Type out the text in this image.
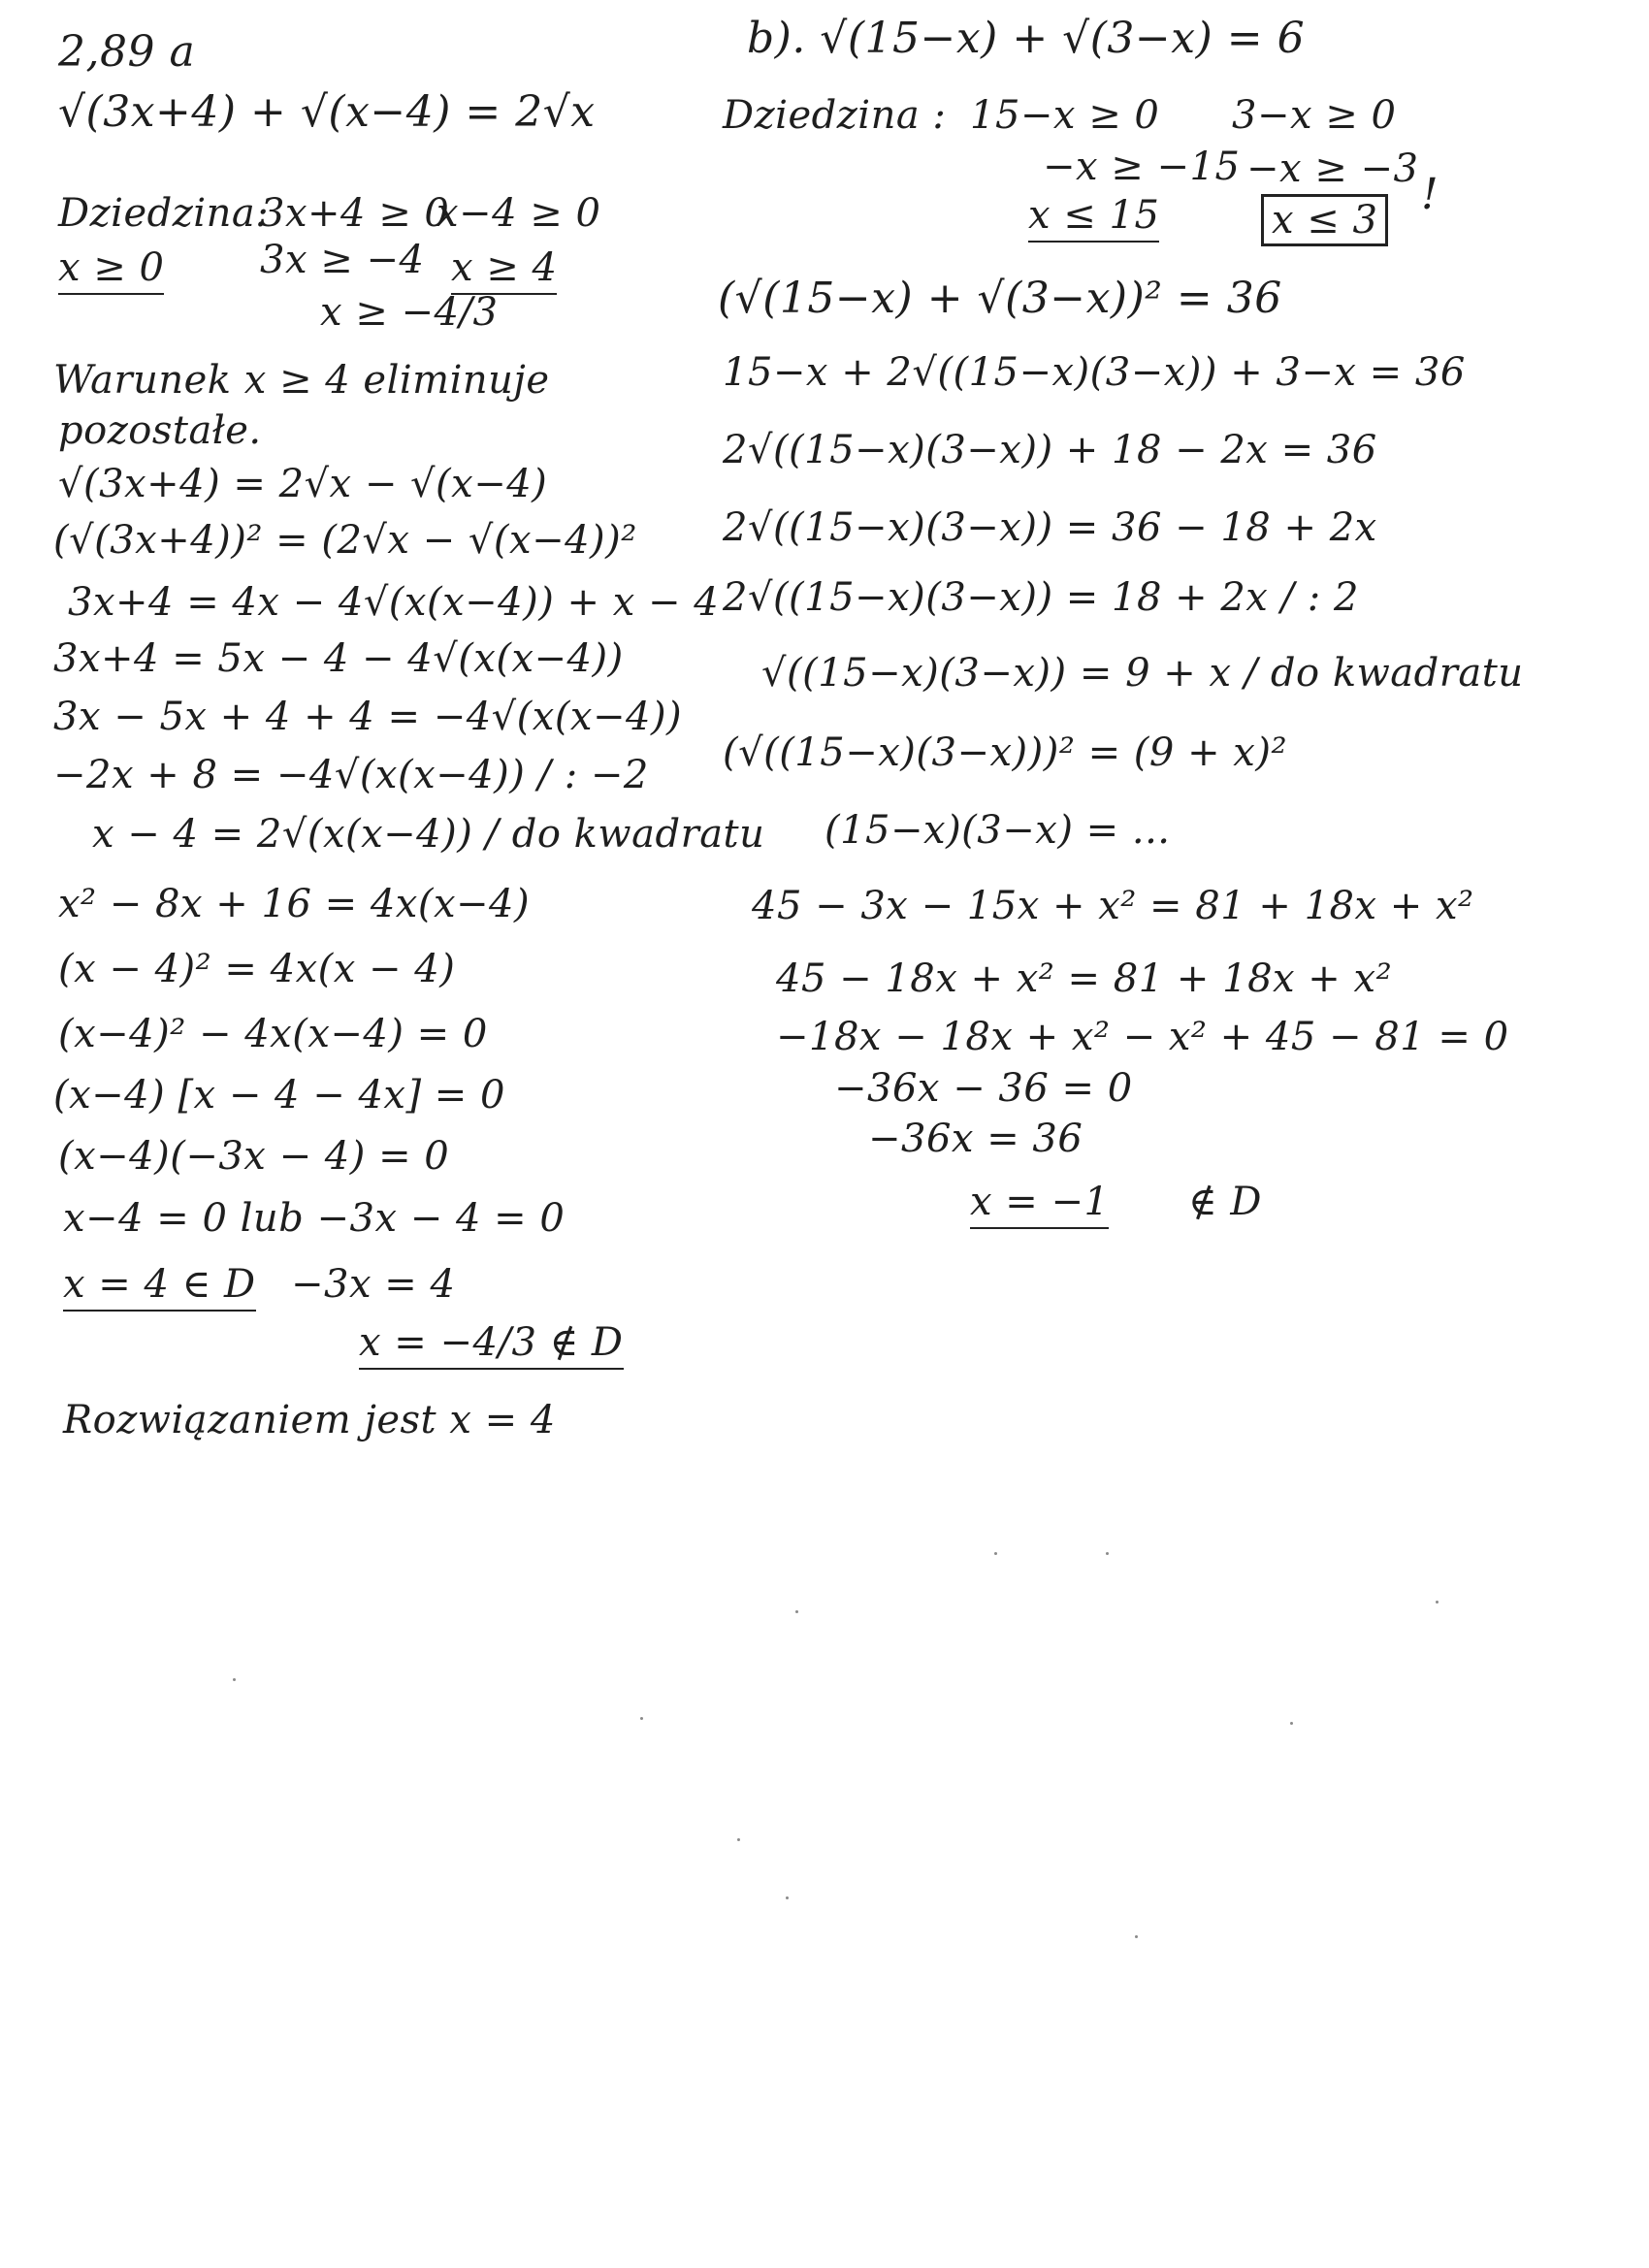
2,89 a
√(3x+4) + √(x−4) = 2√x
Dziedzina:
3x+4 ≥ 0
x−4 ≥ 0
x ≥ 0 3x ≥ −4 x ≥ 4
x ≥ −4/3
Warunek x ≥ 4 eliminuje
pozostałe.
√(3x+4) = 2√x − √(x−4)
(√(3x+4))² = (2√x − √(x−4))²
3x+4 = 4x − 4√(x(x−4)) + x − 4
3x+4 = 5x − 4 − 4√(x(x−4))
3x − 5x + 4 + 4 = −4√(x(x−4))
−2x + 8 = −4√(x(x−4)) / : −2
x − 4 = 2√(x(x−4)) / do kwadratu
x² − 8x + 16 = 4x(x−4)
(x − 4)² = 4x(x − 4)
(x−4)² − 4x(x−4) = 0
(x−4) [x − 4 − 4x] = 0
(x−4)(−3x − 4) = 0
x−4 = 0 lub −3x − 4 = 0
x = 4 ∈ D −3x = 4
x = −4/3 ∉ D
Rozwiązaniem jest x = 4
b). √(15−x) + √(3−x) = 6
Dziedzina : 15−x ≥ 0 3−x ≥ 0
−x ≥ −15 −x ≥ −3
x ≤ 15	x ≤ 3
!
(√(15−x) + √(3−x))² = 36
15−x + 2√((15−x)(3−x)) + 3−x = 36
2√((15−x)(3−x)) + 18 − 2x = 36
2√((15−x)(3−x)) = 36 − 18 + 2x
2√((15−x)(3−x)) = 18 + 2x / : 2
√((15−x)(3−x)) = 9 + x / do kwadratu
(√((15−x)(3−x)))² = (9 + x)²
(15−x)(3−x) = ...
45 − 3x − 15x + x² = 81 + 18x + x²
45 − 18x + x² = 81 + 18x + x²
−18x − 18x + x² − x² + 45 − 81 = 0
−36x − 36 = 0
−36x = 36
x = −1 ∉ D
